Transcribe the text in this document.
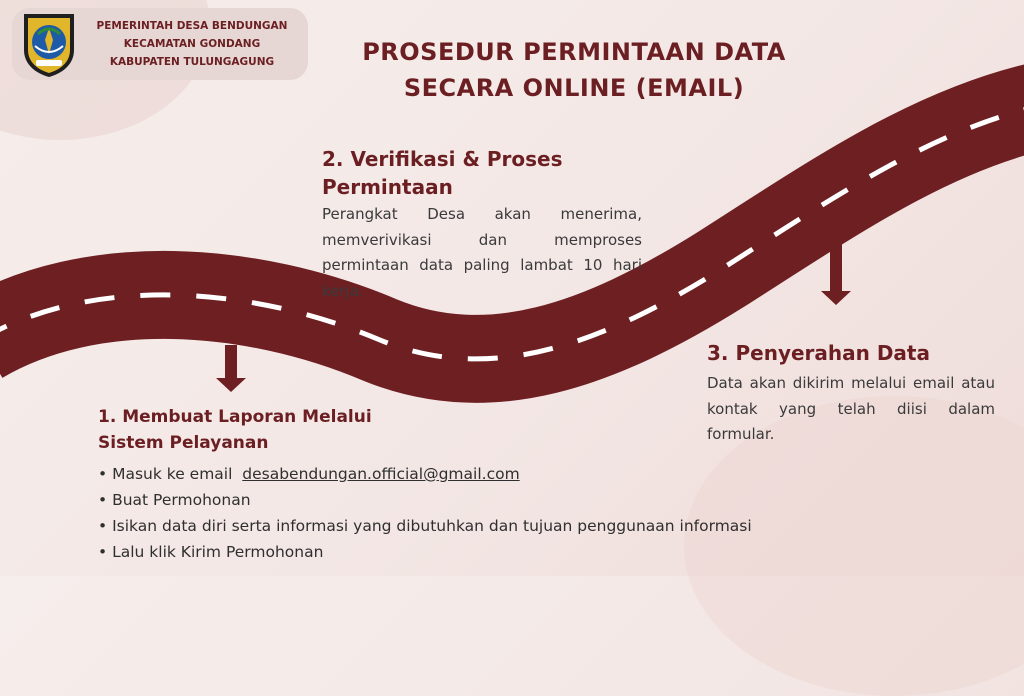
PEMERINTAH DESA BENDUNGAN
KECAMATAN GONDANG
KABUPATEN TULUNGAGUNG	PROSEDUR PERMINTAAN DATA
SECARA ONLINE (EMAIL)
2. Verifikasi & Proses
Permintaan

Perangkat Desa akan menerima, memverivikasi dan memproses permintaan data paling lambat 10 hari kerja.

3. Penyerahan Data

Data akan dikirim melalui email atau kontak yang telah diisi dalam formular.

1. Membuat Laporan Melalui
Sistem Pelayanan
• Masuk ke email desabendungan.official@gmail.com
• Buat Permohonan
• Isikan data diri serta informasi yang dibutuhkan dan tujuan penggunaan informasi
• Lalu klik Kirim Permohonan
